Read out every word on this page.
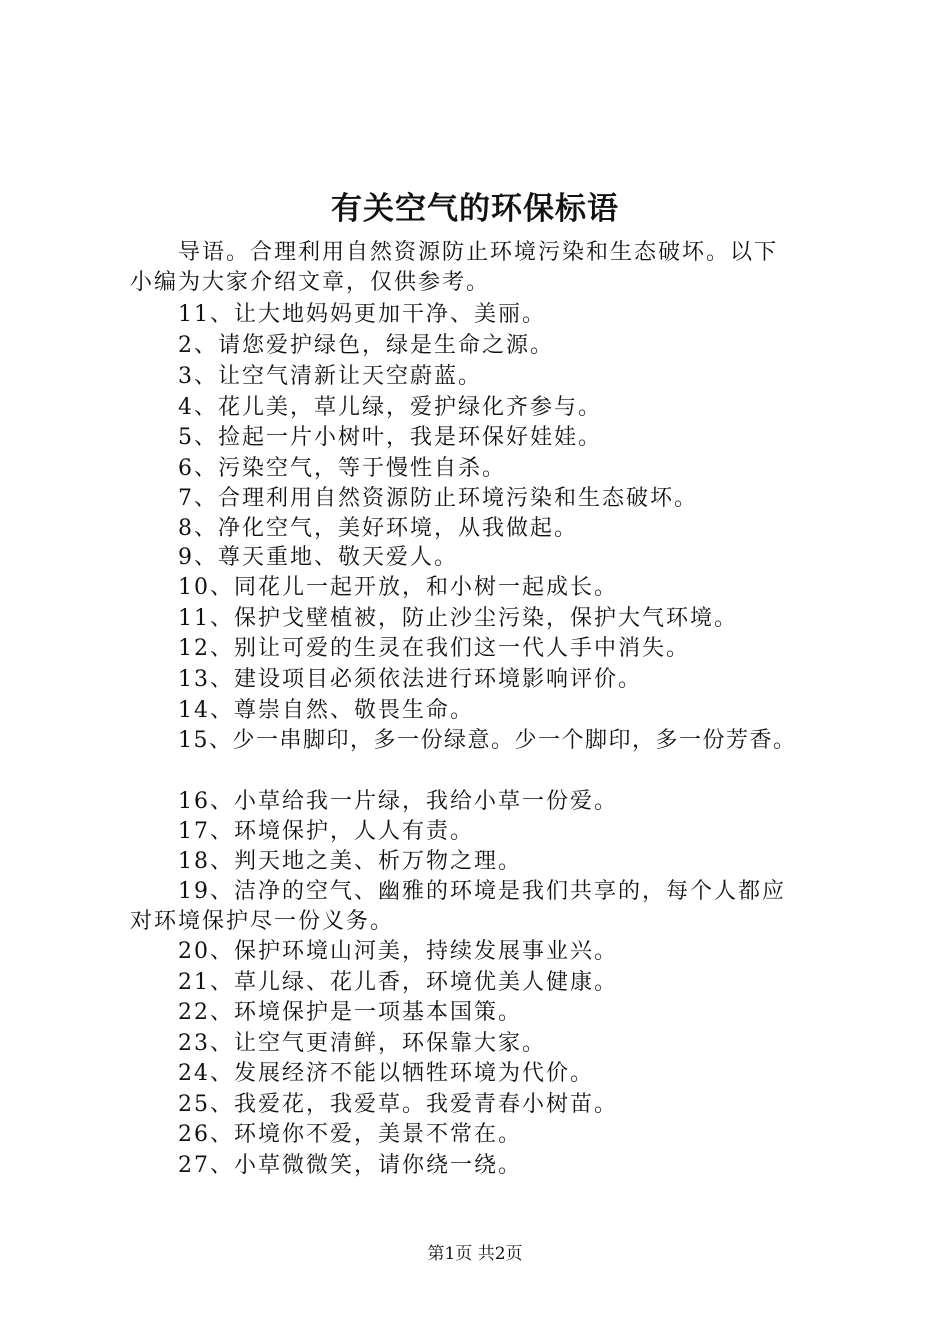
有关空气的环保标语
导语。合理利用自然资源防止环境污染和生态破坏。以下
小编为大家介绍文章，仅供参考。
11、让大地妈妈更加干净、美丽。
2、请您爱护绿色，绿是生命之源。
3、让空气清新让天空蔚蓝。
4、花儿美，草儿绿，爱护绿化齐参与。
5、捡起一片小树叶，我是环保好娃娃。
6、污染空气，等于慢性自杀。
7、合理利用自然资源防止环境污染和生态破坏。
8、净化空气，美好环境，从我做起。
9、尊天重地、敬天爱人。
10、同花儿一起开放，和小树一起成长。
11、保护戈壁植被，防止沙尘污染，保护大气环境。
12、别让可爱的生灵在我们这一代人手中消失。
13、建设项目必须依法进行环境影响评价。
14、尊崇自然、敬畏生命。
15、少一串脚印，多一份绿意。少一个脚印，多一份芳香。
16、小草给我一片绿，我给小草一份爱。
17、环境保护，人人有责。
18、判天地之美、析万物之理。
19、洁净的空气、幽雅的环境是我们共享的，每个人都应
对环境保护尽一份义务。
20、保护环境山河美，持续发展事业兴。
21、草儿绿、花儿香，环境优美人健康。
22、环境保护是一项基本国策。
23、让空气更清鲜，环保靠大家。
24、发展经济不能以牺牲环境为代价。
25、我爱花，我爱草。我爱青春小树苗。
26、环境你不爱，美景不常在。
27、小草微微笑，请你绕一绕。
第1页 共2页
